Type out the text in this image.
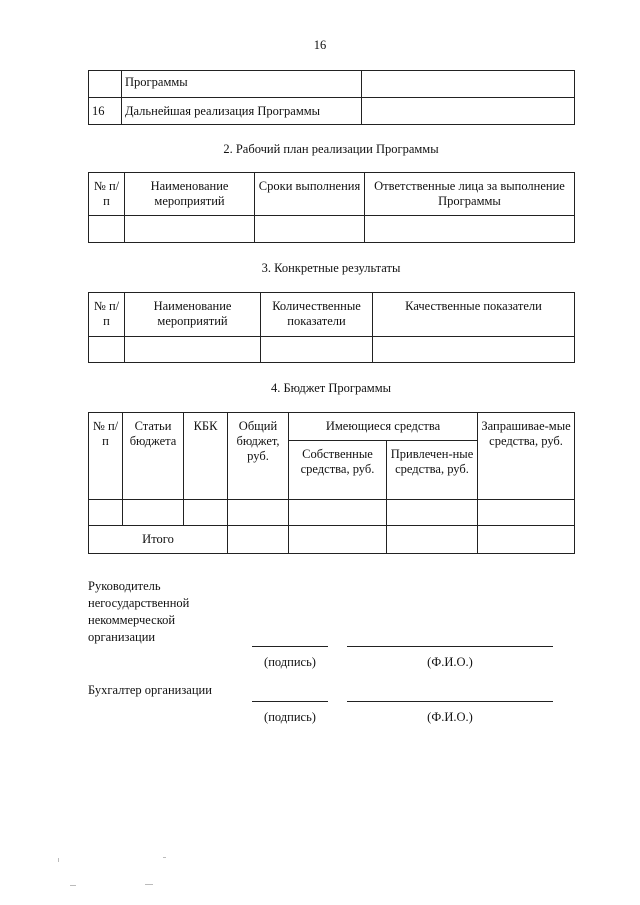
16
	Программы	
16	Дальнейшая реализация Программы	
2. Рабочий план реализации Программы
№ п/п	Наименование мероприятий	Сроки выполнения	Ответственные лица за выполнение Программы

3. Конкретные результаты
№ п/п	Наименование мероприятий	Количественные показатели	Качественные показатели

4. Бюджет Программы
№ п/п	Статьи бюджета	КБК	Общий бюджет, руб.	Имеющиеся средства		Запрашивае-мые средства, руб.
				Собственные средства, руб.	Привлечен-ные средства, руб.	

Итого						
Руководитель негосударственной некоммерческой организации
(подпись)	(Ф.И.О.)
Бухгалтер организации
(подпись)	(Ф.И.О.)
